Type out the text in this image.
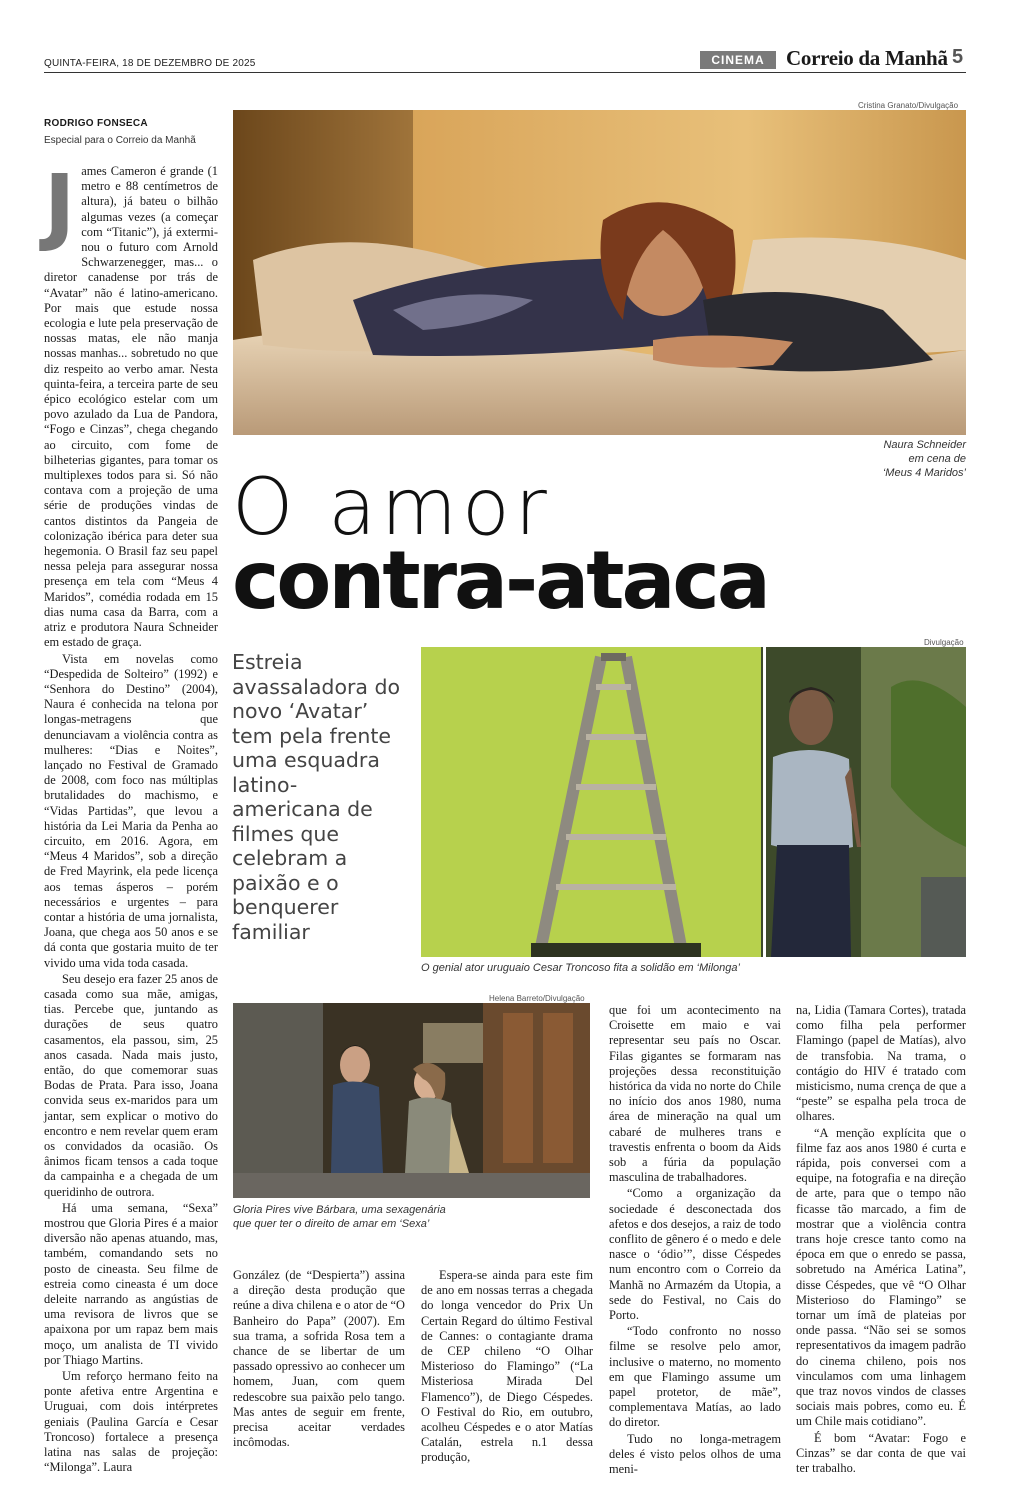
QUINTA-FEIRA, 18 DE DEZEMBRO DE 2025	CINEMA	Correio da Manhã 5
RODRIGO FONSECA
Especial para o Correio da Manhã
Cristina Granato/Divulgação
Naura Schneider
em cena de
‘Meus 4 Maridos’
O amor
contra-ataca
Estreia avassaladora do novo ‘Avatar’ tem pela frente uma esquadra latino-americana de filmes que celebram a paixão e o benquerer familiar
Divulgação
O genial ator uruguaio Cesar Troncoso fita a solidão em ‘Milonga’
Helena Barreto/Divulgação
Gloria Pires vive Bárbara, uma sexagenária
que quer ter o direito de amar em ‘Sexa’

James Cameron é grande (1 metro e 88 centímetros de altura), já bateu o bilhão algumas vezes (a começar com “Titanic”), já exterminou o futuro com Arnold Schwarzenegger, mas... o diretor canadense por trás de “Avatar” não é latino-americano. Por mais que estude nossa ecologia e lute pela preservação de nossas matas, ele não manja nossas manhas... sobretudo no que diz respeito ao verbo amar. Nesta quinta-feira, a terceira parte de seu épico ecológico estelar com um povo azulado da Lua de Pandora, “Fogo e Cinzas”, chega chegando ao circuito, com fome de bilheterias gigantes, para tomar os multiplexes todos para si. Só não contava com a projeção de uma série de produções vindas de cantos distintos da Pangeia de colonização ibérica para deter sua hegemonia. O Brasil faz seu papel nessa peleja para assegurar nossa presença em tela com “Meus 4 Maridos”, comédia rodada em 15 dias numa casa da Barra, com a atriz e produtora Naura Schneider em estado de graça.

Vista em novelas como “Despedida de Solteiro” (1992) e “Senhora do Destino” (2004), Naura é conhecida na telona por longas-metragens que denunciavam a violência contra as mulheres: “Dias e Noites”, lançado no Festival de Gramado de 2008, com foco nas múltiplas brutalidades do machismo, e “Vidas Partidas”, que levou a história da Lei Maria da Penha ao circuito, em 2016. Agora, em “Meus 4 Maridos”, sob a direção de Fred Mayrink, ela pede licença aos temas ásperos – porém necessários e urgentes – para contar a história de uma jornalista, Joana, que chega aos 50 anos e se dá conta que gostaria muito de ter vivido uma vida toda casada.

Seu desejo era fazer 25 anos de casada como sua mãe, amigas, tias. Percebe que, juntando as durações de seus quatro casamentos, ela passou, sim, 25 anos casada. Nada mais justo, então, do que comemorar suas Bodas de Prata. Para isso, Joana convida seus ex-maridos para um jantar, sem explicar o motivo do encontro e nem revelar quem eram os convidados da ocasião. Os ânimos ficam tensos a cada toque da campainha e a chegada de um queridinho de outrora.

Há uma semana, “Sexa” mostrou que Gloria Pires é a maior diversão não apenas atuando, mas, também, comandando sets no posto de cineasta. Seu filme de estreia como cineasta é um doce deleite narrando as angústias de uma revisora de livros que se apaixona por um rapaz bem mais moço, um analista de TI vivido por Thiago Martins.

Um reforço hermano feito na ponte afetiva entre Argentina e Uruguai, com dois intérpretes geniais (Paulina García e Cesar Troncoso) fortalece a presença latina nas salas de projeção: “Milonga”. Laura

González (de “Despierta”) assina a direção desta produção que reúne a diva chilena e o ator de “O Banheiro do Papa” (2007). Em sua trama, a sofrida Rosa tem a chance de se libertar de um passado opressivo ao conhecer um homem, Juan, com quem redescobre sua paixão pelo tango. Mas antes de seguir em frente, precisa aceitar verdades incômodas.

Espera-se ainda para este fim de ano em nossas terras a chegada do longa vencedor do Prix Un Certain Regard do último Festival de Cannes: o contagiante drama de CEP chileno “O Olhar Misterioso do Flamingo” (“La Misteriosa Mirada Del Flamenco”), de Diego Céspedes. O Festival do Rio, em outubro, acolheu Céspedes e o ator Matías Catalán, estrela n.1 dessa produção,

que foi um acontecimento na Croisette em maio e vai representar seu país no Oscar. Filas gigantes se formaram nas projeções dessa reconstituição histórica da vida no norte do Chile no início dos anos 1980, numa área de mineração na qual um cabaré de mulheres trans e travestis enfrenta o boom da Aids sob a fúria da população masculina de trabalhadores.

“Como a organização da sociedade é desconectada dos afetos e dos desejos, a raiz de todo conflito de gênero é o medo e dele nasce o ‘ódio’”, disse Céspedes num encontro com o Correio da Manhã no Armazém da Utopia, a sede do Festival, no Cais do Porto.

“Todo confronto no nosso filme se resolve pelo amor, inclusive o materno, no momento em que Flamingo assume um papel protetor, de mãe”, complementava Matías, ao lado do diretor.

Tudo no longa-metragem deles é visto pelos olhos de uma meni-

na, Lidia (Tamara Cortes), tratada como filha pela performer Flamingo (papel de Matías), alvo de transfobia. Na trama, o contágio do HIV é tratado com misticismo, numa crença de que a “peste” se espalha pela troca de olhares.

“A menção explícita que o filme faz aos anos 1980 é curta e rápida, pois conversei com a equipe, na fotografia e na direção de arte, para que o tempo não ficasse tão marcado, a fim de mostrar que a violência contra trans hoje cresce tanto como na época em que o enredo se passa, sobretudo na América Latina”, disse Céspedes, que vê “O Olhar Misterioso do Flamingo” se tornar um ímã de plateias por onde passa. “Não sei se somos representativos da imagem padrão do cinema chileno, pois nos vinculamos com uma linhagem que traz novos vindos de classes sociais mais pobres, como eu. É um Chile mais cotidiano”.

É bom “Avatar: Fogo e Cinzas” se dar conta de que vai ter trabalho.
